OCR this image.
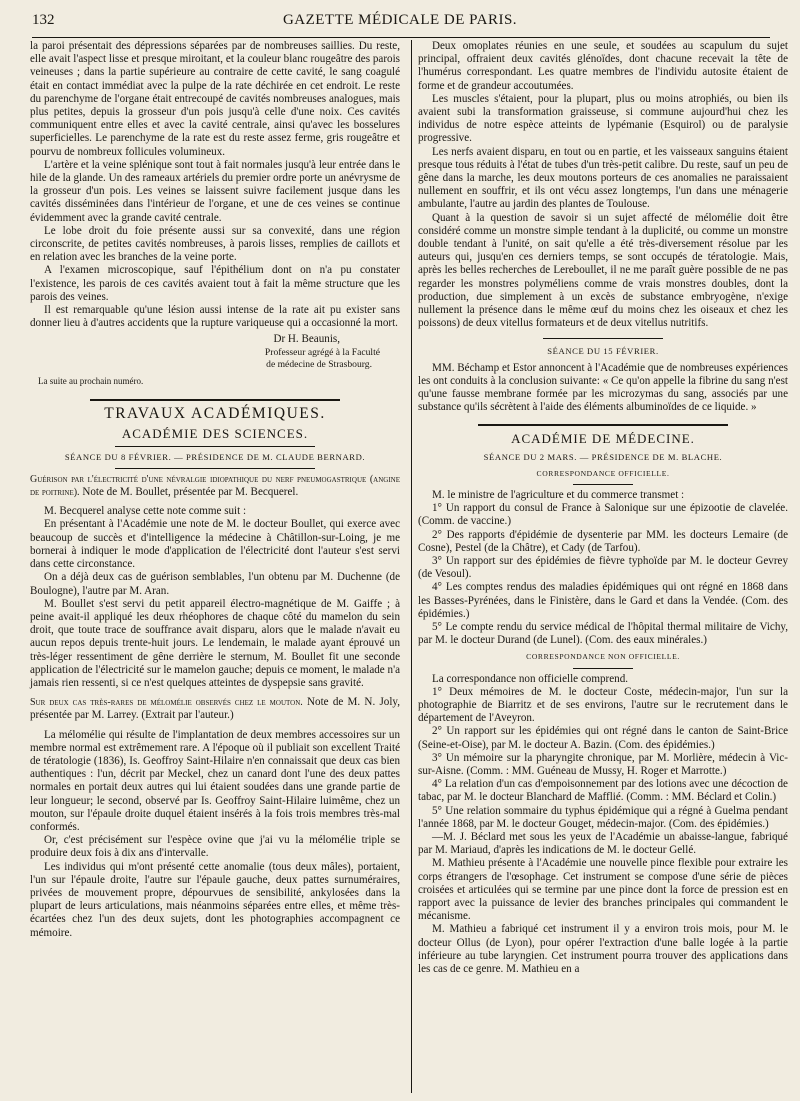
132	GAZETTE MÉDICALE DE PARIS.

la paroi présentait des dépressions séparées par de nombreuses saillies. Du reste, elle avait l'aspect lisse et presque miroitant, et la couleur blanc rougeâtre des parois veineuses ; dans la partie supérieure au contraire de cette cavité, le sang coagulé était en contact immédiat avec la pulpe de la rate déchirée en cet endroit. Le reste du parenchyme de l'organe était entrecoupé de cavités nombreuses analogues, mais plus petites, depuis la grosseur d'un pois jusqu'à celle d'une noix. Ces cavités communiquent entre elles et avec la cavité centrale, ainsi qu'avec les bosselures superficielles. Le parenchyme de la rate est du reste assez ferme, gris rougeâtre et pourvu de nombreux follicules volumineux.

L'artère et la veine splénique sont tout à fait normales jusqu'à leur entrée dans le hile de la glande. Un des rameaux artériels du premier ordre porte un anévrysme de la grosseur d'un pois. Les veines se laissent suivre facilement jusque dans les cavités disséminées dans l'intérieur de l'organe, et une de ces veines se continue évidemment avec la grande cavité centrale.

Le lobe droit du foie présente aussi sur sa convexité, dans une région circonscrite, de petites cavités nombreuses, à parois lisses, remplies de caillots et en relation avec les branches de la veine porte.

A l'examen microscopique, sauf l'épithélium dont on n'a pu constater l'existence, les parois de ces cavités avaient tout à fait la même structure que les parois des veines.

Il est remarquable qu'une lésion aussi intense de la rate ait pu exister sans donner lieu à d'autres accidents que la rupture variqueuse qui a occasionné la mort.

Dr H. Beaunis,

Professeur agrégé à la Faculté

de médecine de Strasbourg.

La suite au prochain numéro.

TRAVAUX ACADÉMIQUES.

ACADÉMIE DES SCIENCES.

SÉANCE DU 8 FÉVRIER. — PRÉSIDENCE DE M. CLAUDE BERNARD.

Guérison par l'électricité d'une névralgie idiopathique du nerf pneumogastrique (angine de poitrine). Note de M. Boullet, présentée par M. Becquerel.

M. Becquerel analyse cette note comme suit :

En présentant à l'Académie une note de M. le docteur Boullet, qui exerce avec beaucoup de succès et d'intelligence la médecine à Châtillon-sur-Loing, je me bornerai à indiquer le mode d'application de l'électricité dont l'auteur s'est servi dans cette circonstance.

On a déjà deux cas de guérison semblables, l'un obtenu par M. Duchenne (de Boulogne), l'autre par M. Aran.

M. Boullet s'est servi du petit appareil électro-magnétique de M. Gaiffe ; à peine avait-il appliqué les deux rhéophores de chaque côté du mamelon du sein droit, que toute trace de souffrance avait disparu, alors que le malade n'avait eu aucun repos depuis trente-huit jours. Le lendemain, le malade ayant éprouvé un très-léger ressentiment de gêne derrière le sternum, M. Boullet fit une seconde application de l'électricité sur le mamelon gauche; depuis ce moment, le malade n'a jamais rien ressenti, si ce n'est quelques atteintes de dyspepsie sans gravité.

Sur deux cas très-rares de mélomélie observés chez le mouton. Note de M. N. Joly, présentée par M. Larrey. (Extrait par l'auteur.)

La mélomélie qui résulte de l'implantation de deux membres accessoires sur un membre normal est extrêmement rare. A l'époque où il publiait son excellent Traité de tératologie (1836), Is. Geoffroy Saint-Hilaire n'en connaissait que deux cas bien authentiques : l'un, décrit par Meckel, chez un canard dont l'une des deux pattes normales en portait deux autres qui lui étaient soudées dans une grande partie de leur longueur; le second, observé par Is. Geoffroy Saint-Hilaire luimême, chez un mouton, sur l'épaule droite duquel étaient insérés à la fois trois membres très-mal conformés.

Or, c'est précisément sur l'espèce ovine que j'ai vu la mélomélie triple se produire deux fois à dix ans d'intervalle.

Les individus qui m'ont présenté cette anomalie (tous deux mâles), portaient, l'un sur l'épaule droite, l'autre sur l'épaule gauche, deux pattes surnuméraires, privées de mouvement propre, dépourvues de sensibilité, ankylosées dans la plupart de leurs articulations, mais néanmoins séparées entre elles, et même très-écartées chez l'un des deux sujets, dont les photographies accompagnent ce mémoire.

Deux omoplates réunies en une seule, et soudées au scapulum du sujet principal, offraient deux cavités glénoïdes, dont chacune recevait la tête de l'humérus correspondant. Les quatre membres de l'individu autosite étaient de forme et de grandeur accoutumées.

Les muscles s'étaient, pour la plupart, plus ou moins atrophiés, ou bien ils avaient subi la transformation graisseuse, si commune aujourd'hui chez les individus de notre espèce atteints de lypémanie (Esquirol) ou de paralysie progressive.

Les nerfs avaient disparu, en tout ou en partie, et les vaisseaux sanguins étaient presque tous réduits à l'état de tubes d'un très-petit calibre. Du reste, sauf un peu de gêne dans la marche, les deux moutons porteurs de ces anomalies ne paraissaient nullement en souffrir, et ils ont vécu assez longtemps, l'un dans une ménagerie ambulante, l'autre au jardin des plantes de Toulouse.

Quant à la question de savoir si un sujet affecté de mélomélie doit être considéré comme un monstre simple tendant à la duplicité, ou comme un monstre double tendant à l'unité, on sait qu'elle a été très-diversement résolue par les auteurs qui, jusqu'en ces derniers temps, se sont occupés de tératologie. Mais, après les belles recherches de Lereboullet, il ne me paraît guère possible de ne pas regarder les monstres polyméliens comme de vrais monstres doubles, dont la production, due simplement à un excès de substance embryogène, n'exige nullement la présence dans le même œuf du moins chez les oiseaux et chez les poissons) de deux vitellus formateurs et de deux vitellus nutritifs.

SÉANCE DU 15 FÉVRIER.

MM. Béchamp et Estor annoncent à l'Académie que de nombreuses expériences les ont conduits à la conclusion suivante: « Ce qu'on appelle la fibrine du sang n'est qu'une fausse membrane formée par les microzymas du sang, associés par une substance qu'ils sécrètent à l'aide des éléments albuminoïdes de ce liquide. »

ACADÉMIE DE MÉDECINE.

SÉANCE DU 2 MARS. — PRÉSIDENCE DE M. BLACHE.

CORRESPONDANCE OFFICIELLE.

M. le ministre de l'agriculture et du commerce transmet :

1° Un rapport du consul de France à Salonique sur une épizootie de clavelée. (Comm. de vaccine.)

2° Des rapports d'épidémie de dysenterie par MM. les docteurs Lemaire (de Cosne), Pestel (de la Châtre), et Cady (de Tarfou).

3° Un rapport sur des épidémies de fièvre typhoïde par M. le docteur Gevrey (de Vesoul).

4° Les comptes rendus des maladies épidémiques qui ont régné en 1868 dans les Basses-Pyrénées, dans le Finistère, dans le Gard et dans la Vendée. (Com. des épidémies.)

5° Le compte rendu du service médical de l'hôpital thermal militaire de Vichy, par M. le docteur Durand (de Lunel). (Com. des eaux minérales.)

CORRESPONDANCE NON OFFICIELLE.

La correspondance non officielle comprend.

1° Deux mémoires de M. le docteur Coste, médecin-major, l'un sur la photographie de Biarritz et de ses environs, l'autre sur le recrutement dans le département de l'Aveyron.

2° Un rapport sur les épidémies qui ont régné dans le canton de Saint-Brice (Seine-et-Oise), par M. le docteur A. Bazin. (Com. des épidémies.)

3° Un mémoire sur la pharyngite chronique, par M. Morlière, médecin à Vic-sur-Aisne. (Comm. : MM. Guéneau de Mussy, H. Roger et Marrotte.)

4° La relation d'un cas d'empoisonnement par des lotions avec une décoction de tabac, par M. le docteur Blanchard de Mafflié. (Comm. : MM. Béclard et Colin.)

5° Une relation sommaire du typhus épidémique qui a régné à Guelma pendant l'année 1868, par M. le docteur Gouget, médecin-major. (Com. des épidémies.)

—M. J. Béclard met sous les yeux de l'Académie un abaisse-langue, fabriqué par M. Mariaud, d'après les indications de M. le docteur Gellé.

M. Mathieu présente à l'Académie une nouvelle pince flexible pour extraire les corps étrangers de l'œsophage. Cet instrument se compose d'une série de pièces croisées et articulées qui se termine par une pince dont la force de pression est en rapport avec la puissance de levier des branches principales qui commandent le mécanisme.

M. Mathieu a fabriqué cet instrument il y a environ trois mois, pour M. le docteur Ollus (de Lyon), pour opérer l'extraction d'une balle logée à la partie inférieure au tube laryngien. Cet instrument pourra trouver des applications dans les cas de ce genre. M. Mathieu en a
